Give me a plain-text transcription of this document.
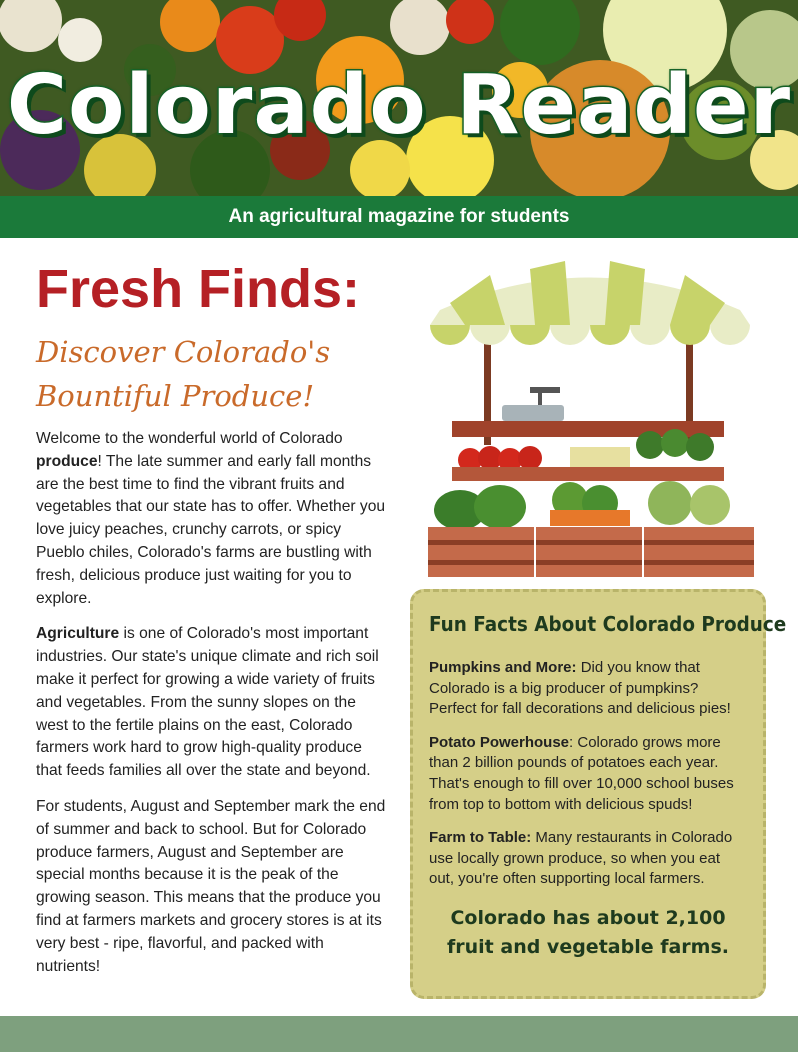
Colorado Reader
An agricultural magazine for students
Fresh Finds:
Discover Colorado's
Bountiful Produce!

Welcome to the wonderful world of Colorado produce! The late summer and early fall months are the best time to find the vibrant fruits and vegetables that our state has to offer. Whether you love juicy peaches, crunchy carrots, or spicy Pueblo chiles, Colorado's farms are bustling with fresh, delicious produce just waiting for you to explore.

Agriculture is one of Colorado's most important industries. Our state's unique climate and rich soil make it perfect for growing a wide variety of fruits and vegetables. From the sunny slopes on the west to the fertile plains on the east, Colorado farmers work hard to grow high-quality produce that feeds families all over the state and beyond.

For students, August and September mark the end of summer and back to school. But for Colorado produce farmers, August and September are special months because it is the peak of the growing season. This means that the produce you find at farmers markets and grocery stores is at its very best - ripe, flavorful, and packed with nutrients!

Fun Facts About Colorado Produce

Pumpkins and More: Did you know that Colorado is a big producer of pumpkins? Perfect for fall decorations and delicious pies!

Potato Powerhouse: Colorado grows more than 2 billion pounds of potatoes each year. That's enough to fill over 10,000 school buses from top to bottom with delicious spuds!

Farm to Table: Many restaurants in Colorado use locally grown produce, so when you eat out, you're often supporting local farmers.

Colorado has about 2,100
fruit and vegetable farms.
